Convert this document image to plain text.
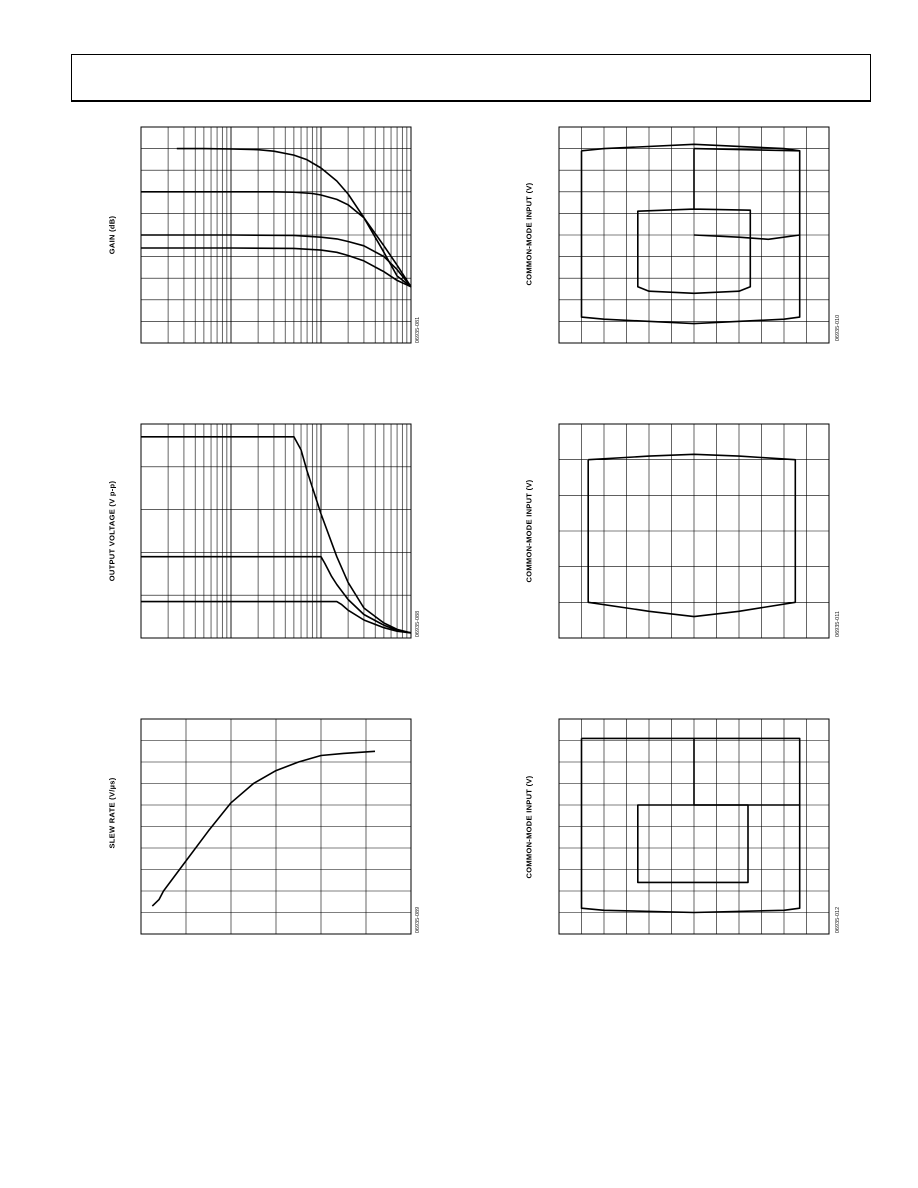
GAIN (dB)
06935-081
OUTPUT VOLTAGE (V p-p)
06935-088
SLEW RATE (V/µs)
06935-089
COMMON-MODE INPUT (V)
06935-010
COMMON-MODE INPUT (V)
06935-011
COMMON-MODE INPUT (V)
06935-012
